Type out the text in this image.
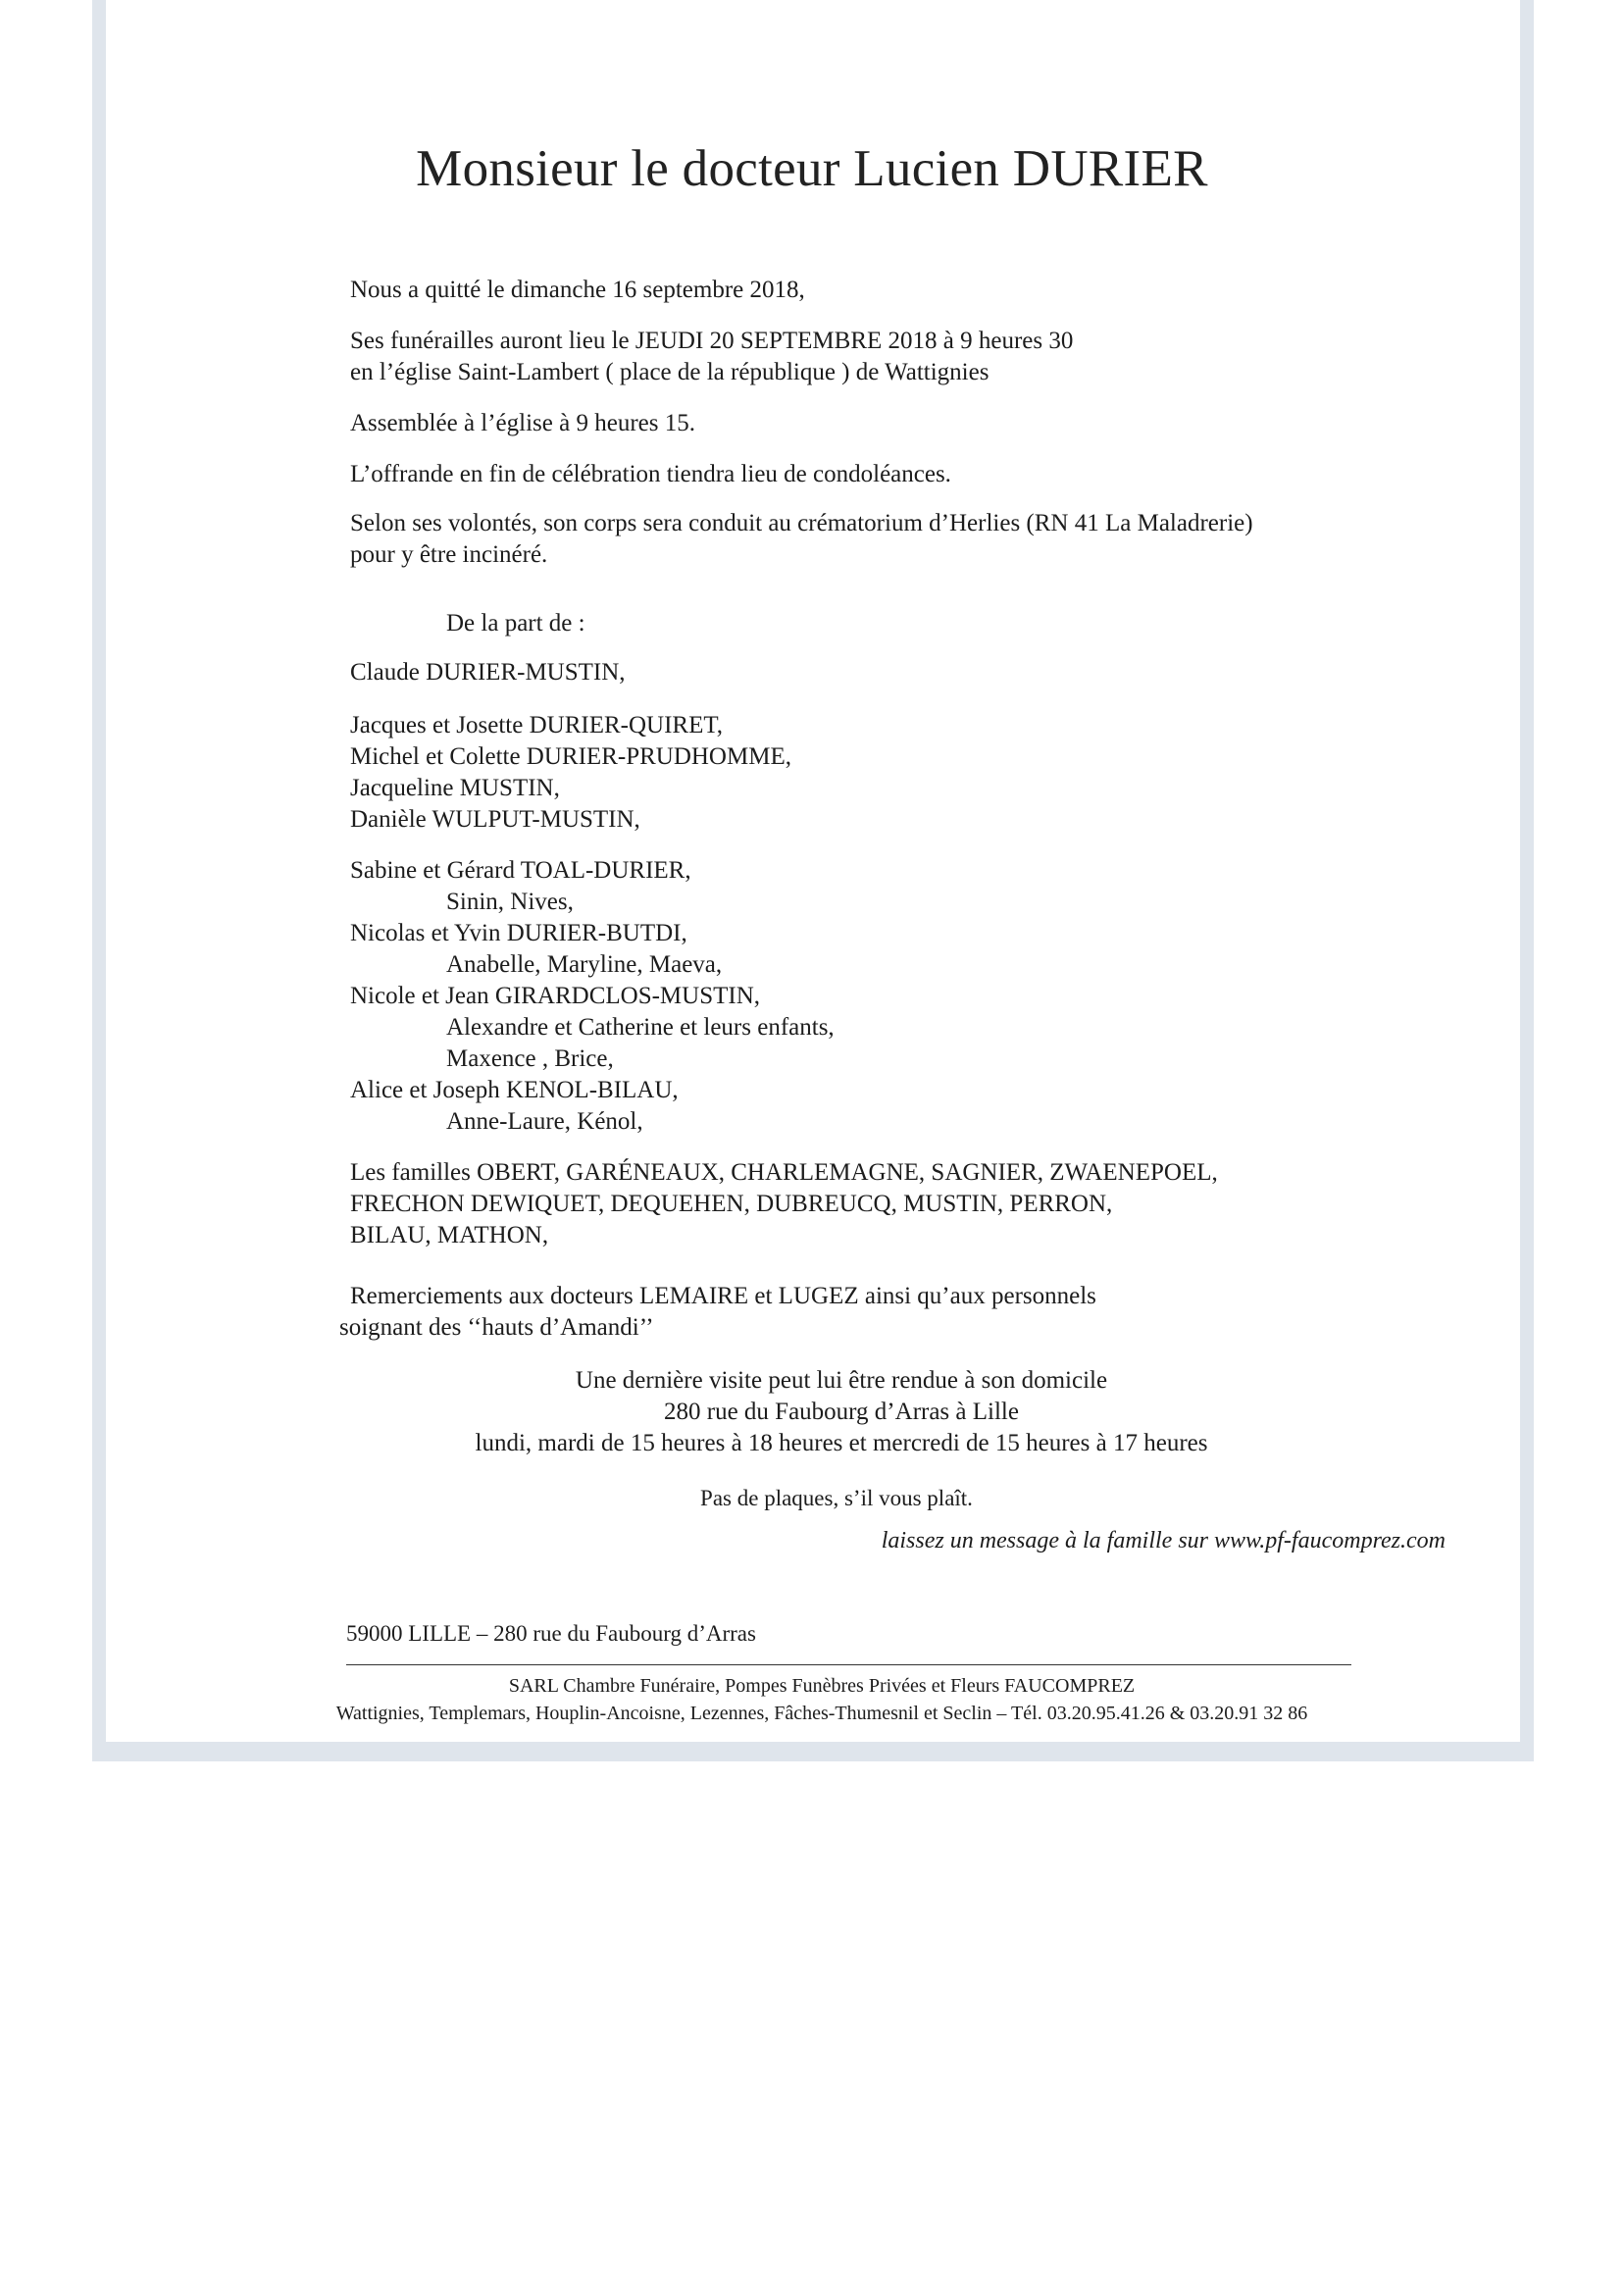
Monsieur le docteur Lucien DURIER

Nous a quitté le dimanche 16 septembre 2018,

Ses funérailles auront lieu le JEUDI 20 SEPTEMBRE 2018 à 9 heures 30

en l’église Saint-Lambert ( place de la république ) de Wattignies

Assemblée à l’église à 9 heures 15.

L’offrande en fin de célébration tiendra lieu de condoléances.

Selon ses volontés, son corps sera conduit au crématorium d’Herlies (RN 41 La Maladrerie)

pour y être incinéré.

De la part de :

Claude DURIER-MUSTIN,

Jacques et Josette DURIER-QUIRET,

Michel et Colette DURIER-PRUDHOMME,

Jacqueline MUSTIN,

Danièle WULPUT-MUSTIN,

Sabine et Gérard TOAL-DURIER,

Sinin, Nives,

Nicolas et Yvin DURIER-BUTDI,

Anabelle, Maryline, Maeva,

Nicole et Jean GIRARDCLOS-MUSTIN,

Alexandre et Catherine et leurs enfants,

Maxence , Brice,

Alice et Joseph KENOL-BILAU,

Anne-Laure, Kénol,

Les familles OBERT, GARÉNEAUX, CHARLEMAGNE, SAGNIER, ZWAENEPOEL,

FRECHON DEWIQUET, DEQUEHEN, DUBREUCQ, MUSTIN, PERRON,

BILAU, MATHON,

Remerciements aux docteurs LEMAIRE et LUGEZ ainsi qu’aux personnels

soignant des ‘‘hauts d’Amandi’’

Une dernière visite peut lui être rendue à son domicile

280 rue du Faubourg d’Arras à Lille

lundi, mardi de 15 heures à 18 heures et mercredi de 15 heures à 17 heures

Pas de plaques, s’il vous plaît.

laissez un message à la famille sur www.pf-faucomprez.com

59000 LILLE – 280 rue du Faubourg d’Arras

SARL Chambre Funéraire, Pompes Funèbres Privées et Fleurs FAUCOMPREZ

Wattignies, Templemars, Houplin-Ancoisne, Lezennes, Fâches-Thumesnil et Seclin – Tél. 03.20.95.41.26 & 03.20.91 32 86
